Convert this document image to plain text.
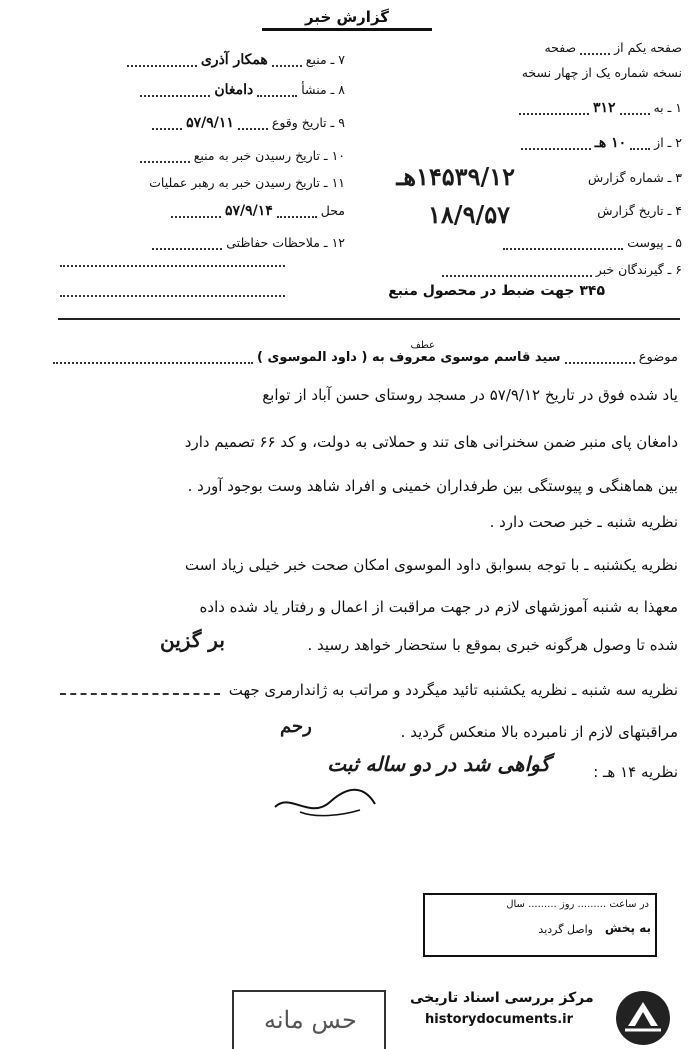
گزارش خبر
صفحه یکم از  صفحه
نسخه شماره یک از چهار نسخه
۱ ـ به  ۳۱۲
۲ ـ از  ۱۰ هـ
۳ ـ شماره گزارش
۴ ـ تاریخ گزارش
۵ ـ پیوست
۶ ـ گیرندگان خبر
۱۴۵۳۹/۱۲هـ
۱۸/۹/۵۷
۳۴۵ جهت ضبط در محصول منبع
۷ ـ منبع  همکار آذری
۸ ـ منشأ  دامغان
۹ ـ تاریخ وقوع  ۵۷/۹/۱۱
۱۰ ـ تاریخ رسیدن خبر به منبع
۱۱ ـ تاریخ رسیدن خبر به رهبر عملیات
محل  ۵۷/۹/۱۴
۱۲ ـ ملاحظات حفاظتی
عطف
موضوع  سید قاسم موسوی معروف به ( داود الموسوی )
یاد شده فوق در تاریخ ۵۷/۹/۱۲ در مسجد روستای حسن آباد از توابع
دامغان پای منبر ضمن سخنرانی های تند و حملاتی به دولت، و کد ۶۶ تصمیم دارد
بین هماهنگی و پیوستگی بین طرفداران خمینی و افراد شاهد وست بوجود آورد .
نظریه شنبه ـ خبر صحت دارد .
نظریه یکشنبه ـ با توجه بسوابق داود الموسوی امکان صحت خبر خیلی زیاد است
معهذا به شنبه آموزشهای لازم در جهت مراقبت از اعمال و رفتار یاد شده داده
شده تا وصول هرگونه خبری بموقع با ستحضار خواهد رسید .
بر گزین
نظریه سه شنبه ـ نظریه یکشنبه تائید میگردد و مراتب به ژاندارمری جهت
مراقبتهای لازم از نامبرده بالا منعکس گردید .
رحم
نظریه ۱۴ هـ :
گواهی شد در دو ساله ثبت
در ساعت ......... روز ......... سال
به پخش
واصل گردید
حس مانه
مرکز بررسی اسناد تاریخی
historydocuments.ir
